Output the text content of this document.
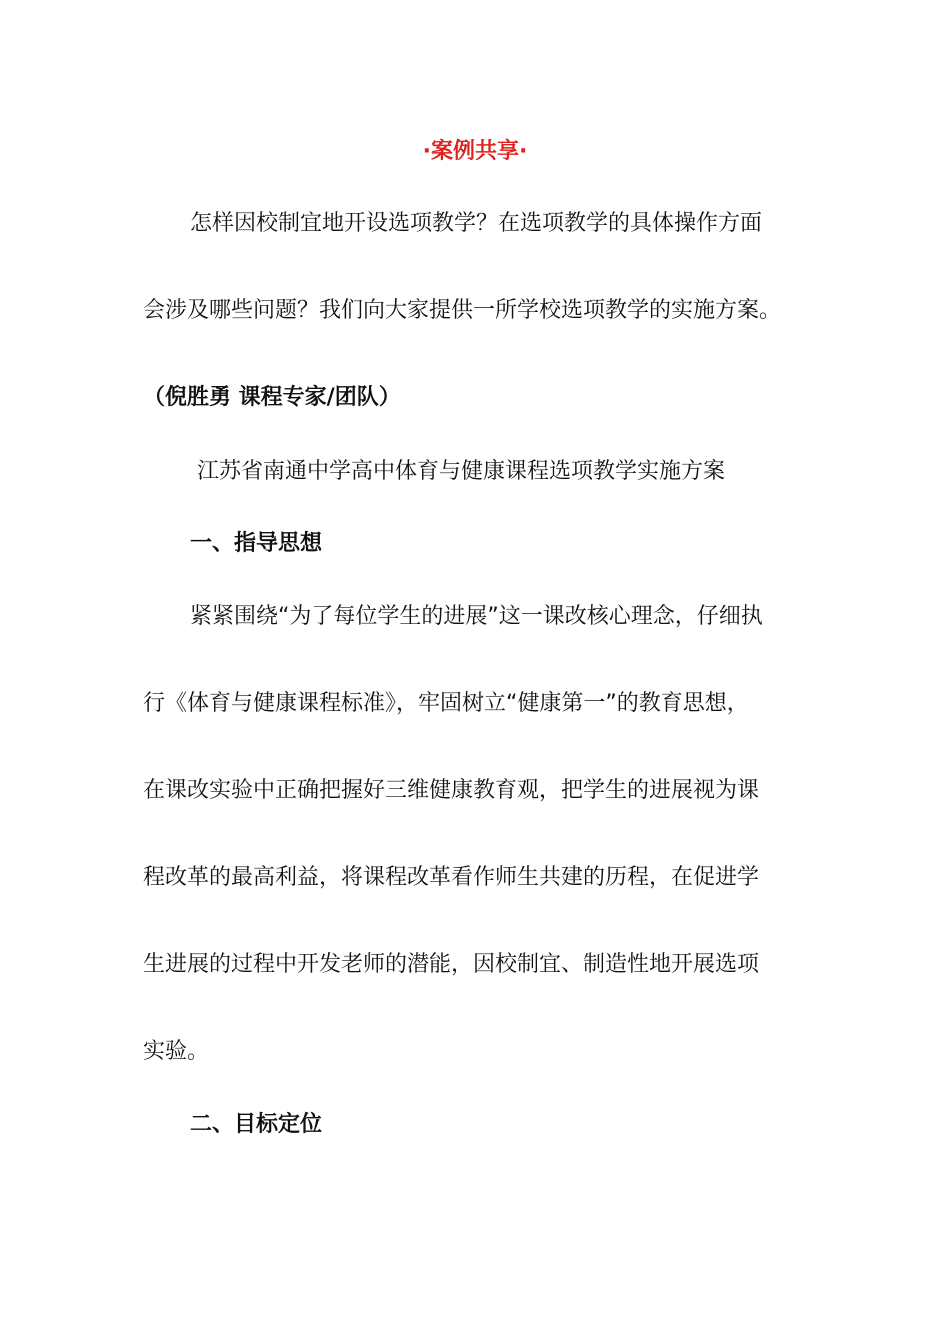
·案例共享·
怎样因校制宜地开设选项教学？在选项教学的具体操作方面
会涉及哪些问题？我们向大家提供一所学校选项教学的实施方案。
（倪胜勇 课程专家/团队）
江苏省南通中学高中体育与健康课程选项教学实施方案
一、指导思想
紧紧围绕“为了每位学生的进展”这一课改核心理念，仔细执
行《体育与健康课程标准》，牢固树立“健康第一”的教育思想，
在课改实验中正确把握好三维健康教育观，把学生的进展视为课
程改革的最高利益，将课程改革看作师生共建的历程，在促进学
生进展的过程中开发老师的潜能，因校制宜、制造性地开展选项
实验。
二、目标定位
